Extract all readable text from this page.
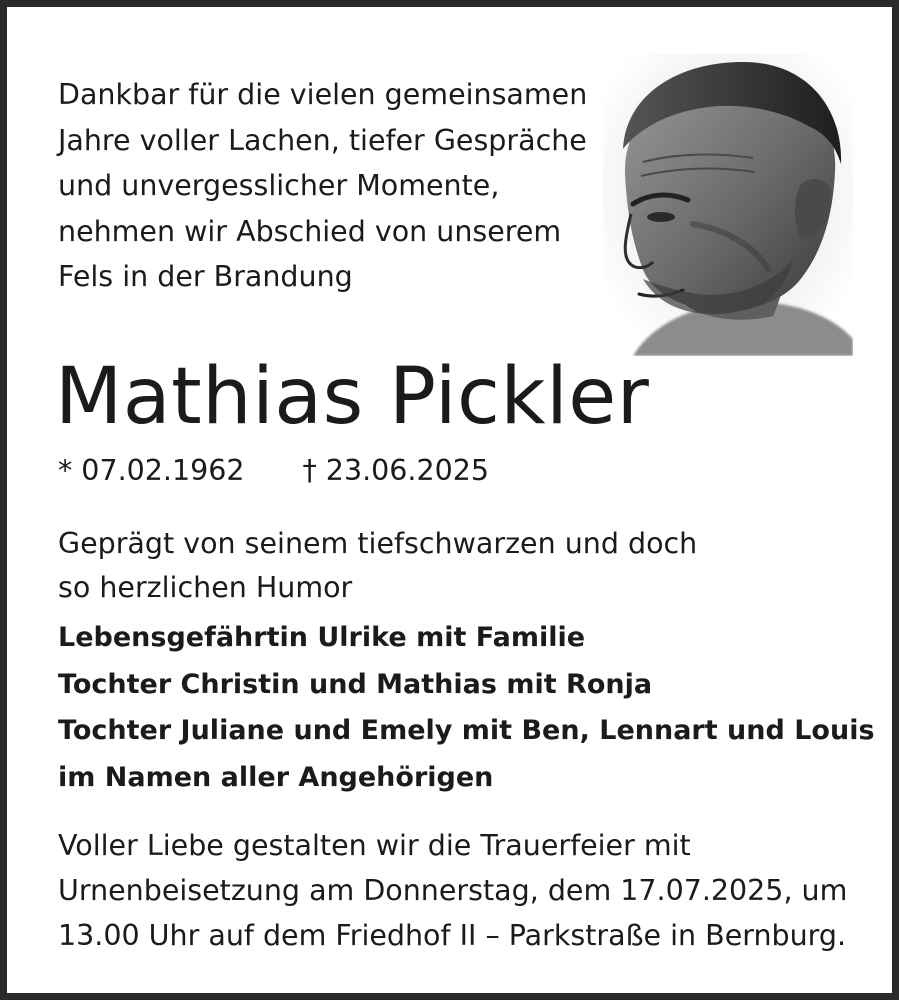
Dankbar für die vielen gemeinsamen
Jahre voller Lachen, tiefer Gespräche
und unvergesslicher Momente,
nehmen wir Abschied von unserem
Fels in der Brandung
Mathias Pickler
* 07.02.1962 † 23.06.2025
Geprägt von seinem tiefschwarzen und doch
so herzlichen Humor
Lebensgefährtin Ulrike mit Familie
Tochter Christin und Mathias mit Ronja
Tochter Juliane und Emely mit Ben, Lennart und Louis
im Namen aller Angehörigen
Voller Liebe gestalten wir die Trauerfeier mit
Urnenbeisetzung am Donnerstag, dem 17.07.2025, um
13.00 Uhr auf dem Friedhof II – Parkstraße in Bernburg.
